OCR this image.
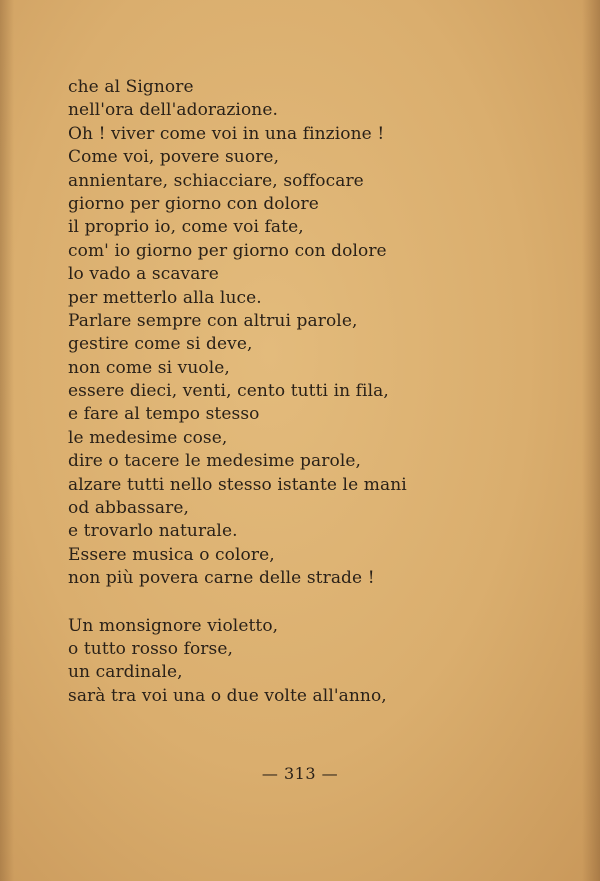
che al Signore
nell'ora dell'adorazione.
Oh ! viver come voi in una finzione !
Come voi, povere suore,
annientare, schiacciare, soffocare
giorno per giorno con dolore
il proprio io, come voi fate,
com' io giorno per giorno con dolore
lo vado a scavare
per metterlo alla luce.
Parlare sempre con altrui parole,
gestire come si deve,
non come si vuole,
essere dieci, venti, cento tutti in fila,
e fare al tempo stesso
le medesime cose,
dire o tacere le medesime parole,
alzare tutti nello stesso istante le mani
od abbassare,
e trovarlo naturale.
Essere musica o colore,
non più povera carne delle strade !
Un monsignore violetto,
o tutto rosso forse,
un cardinale,
sarà tra voi una o due volte all'anno,
— 313 —
